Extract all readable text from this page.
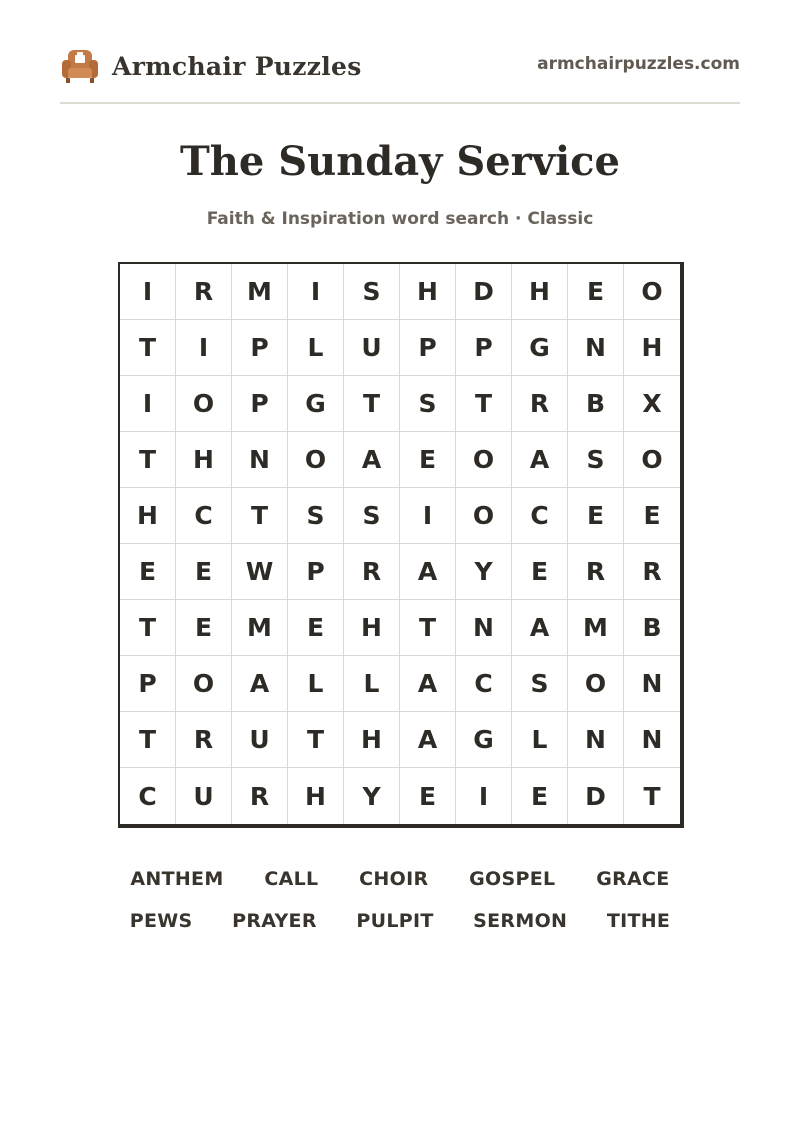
Armchair Puzzles	armchairpuzzles.com
The Sunday Service
Faith & Inspiration word search · Classic
I	R	M	I	S	H	D	H	E	O
T	I	P	L	U	P	P	G	N	H
I	O	P	G	T	S	T	R	B	X
T	H	N	O	A	E	O	A	S	O
H	C	T	S	S	I	O	C	E	E
E	E	W	P	R	A	Y	E	R	R
T	E	M	E	H	T	N	A	M	B
P	O	A	L	L	A	C	S	O	N
T	R	U	T	H	A	G	L	N	N
C	U	R	H	Y	E	I	E	D	T
ANTHEM CALL CHOIR GOSPEL GRACE
PEWS PRAYER PULPIT SERMON TITHE
